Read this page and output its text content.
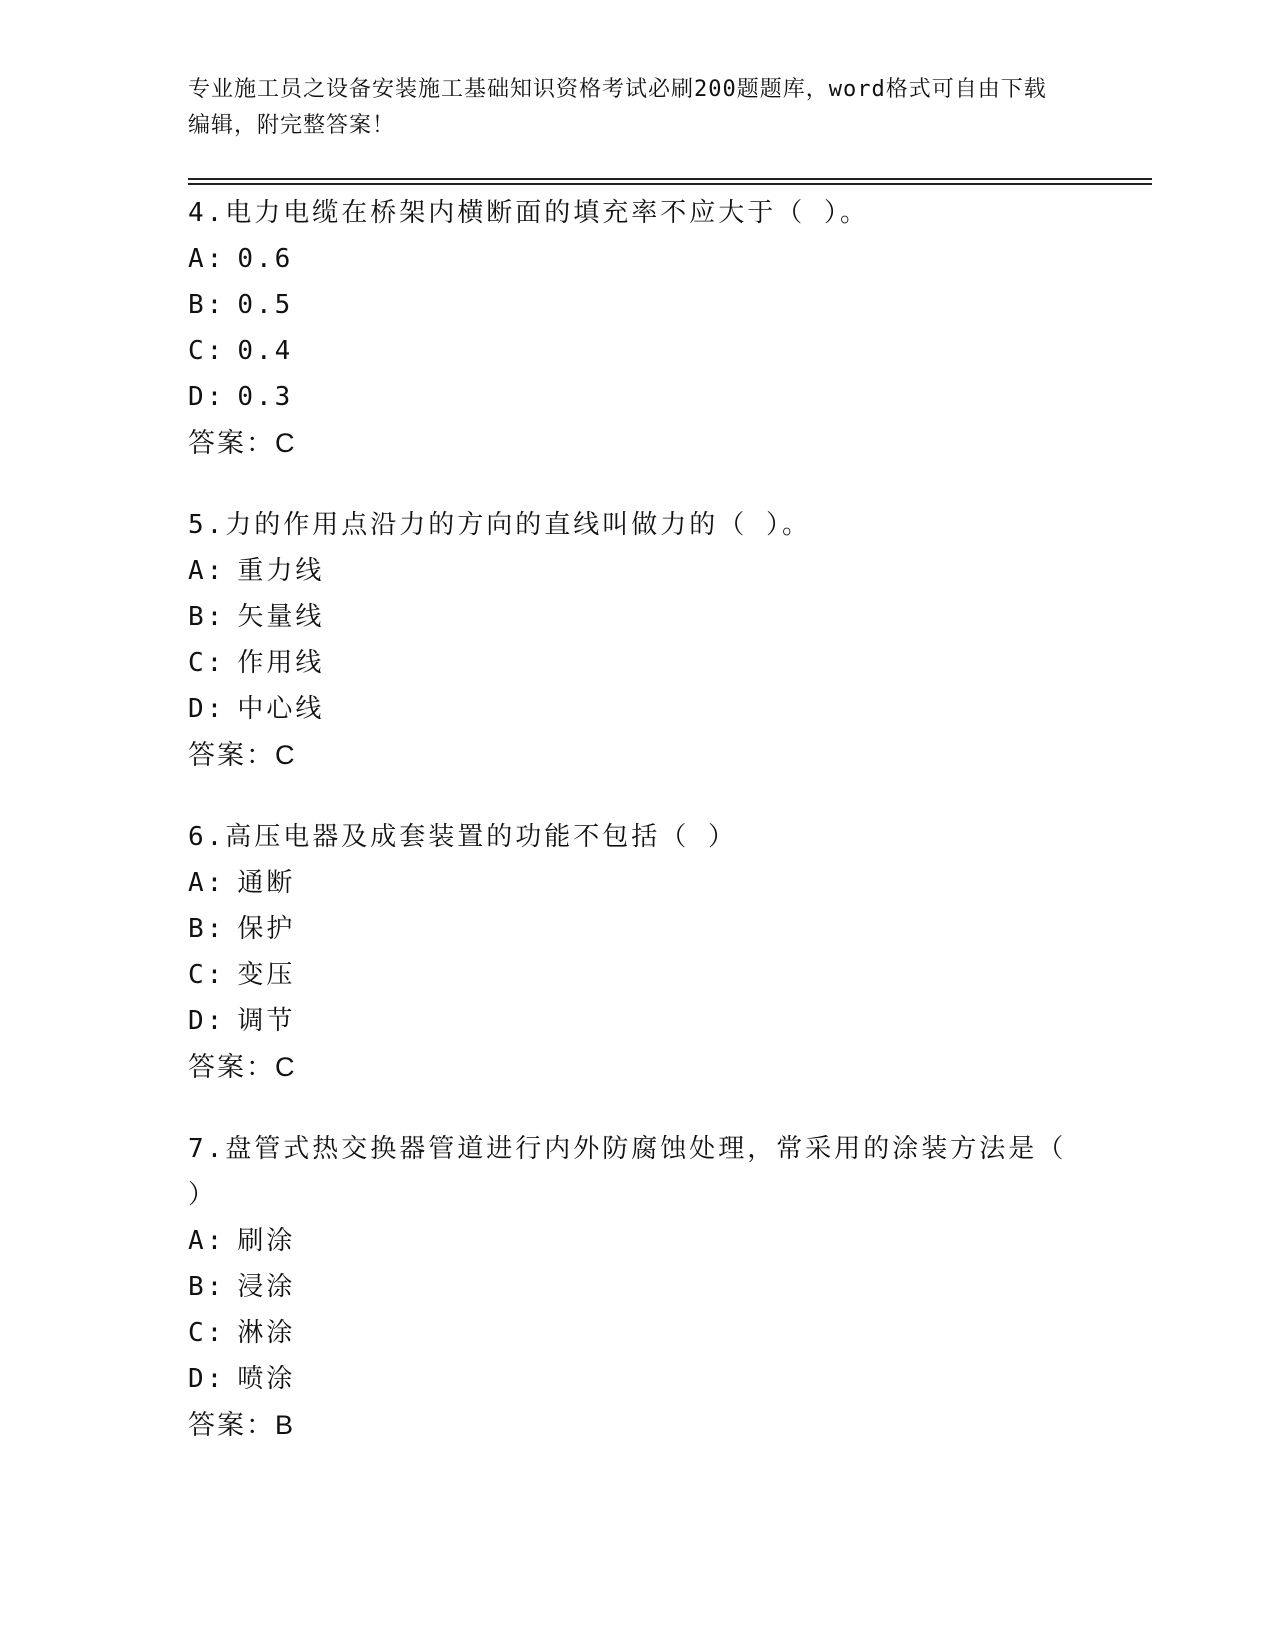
专业施工员之设备安装施工基础知识资格考试必刷200题题库，word格式可自由下载编辑，附完整答案！
4.电力电缆在桥架内横断面的填充率不应大于（ ）。
A: 0.6
B: 0.5
C: 0.4
D: 0.3
答案：C
5.力的作用点沿力的方向的直线叫做力的（ ）。
A: 重力线
B: 矢量线
C: 作用线
D: 中心线
答案：C
6.高压电器及成套装置的功能不包括（ ）
A: 通断
B: 保护
C: 变压
D: 调节
答案：C
7.盘管式热交换器管道进行内外防腐蚀处理，常采用的涂装方法是（ ）
A: 刷涂
B: 浸涂
C: 淋涂
D: 喷涂
答案：B
